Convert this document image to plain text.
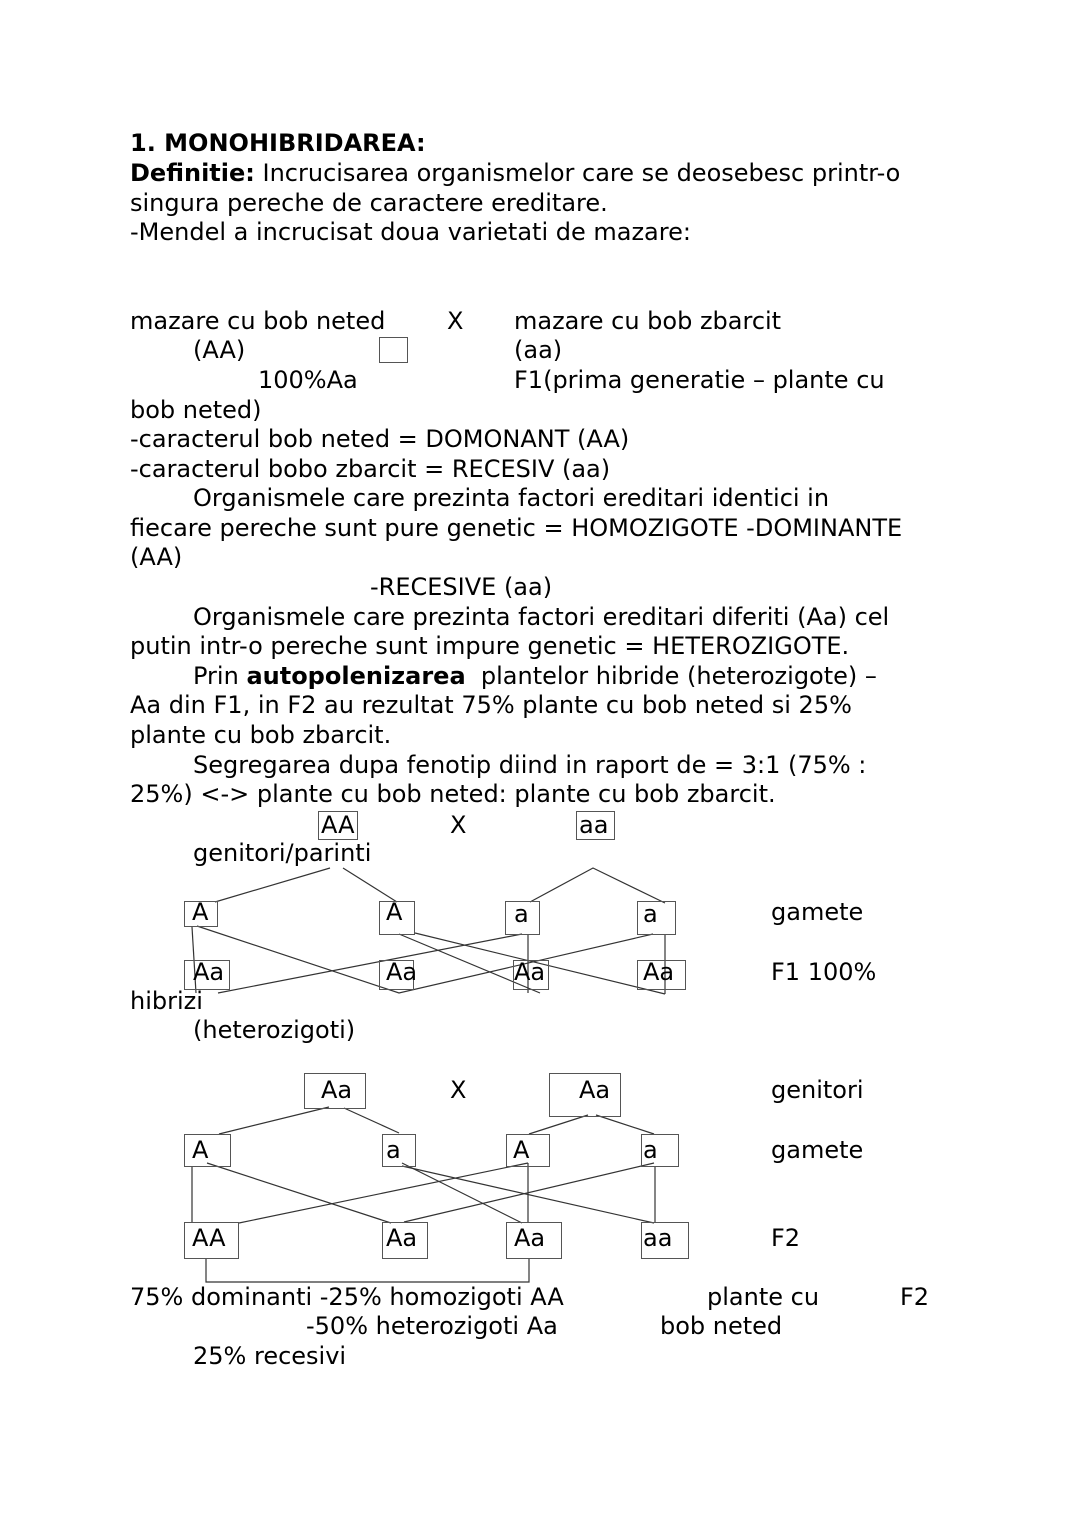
1. MONOHIBRIDAREA:
Definitie: Incrucisarea organismelor care se deosebesc printr-o
singura pereche de caractere ereditare.
-Mendel a incrucisat doua varietati de mazare:
mazare cu bob neted	X mazare cu bob zbarcit
(AA)	(aa)
100%Aa	F1(prima generatie – plante cu
bob neted)
-caracterul bob neted = DOMONANT (AA)
-caracterul bobo zbarcit = RECESIV (aa)
Organismele care prezinta factori ereditari identici in
fiecare pereche sunt pure genetic = HOMOZIGOTE -DOMINANTE
(AA)
-RECESIVE (aa)
Organismele care prezinta factori ereditari diferiti (Aa) cel
putin intr-o pereche sunt impure genetic = HETEROZIGOTE.
Prin autopolenizarea  plantelor hibride (heterozigote) –
Aa din F1, in F2 au rezultat 75% plante cu bob neted si 25%
plante cu bob zbarcit.
Segregarea dupa fenotip diind in raport de = 3:1 (75% :
25%) <-> plante cu bob neted: plante cu bob zbarcit.
AA	X	aa
genitori/parinti
A	A	a	a	gamete
Aa	Aa	Aa	Aa	F1 100%
hibrizi
(heterozigoti)
Aa	X	Aa	genitori
A	a	A	a	gamete
AA	Aa	Aa	aa	F2
75% dominanti -25% homozigoti AA	plante cu	F2
-50% heterozigoti Aa	bob neted
25% recesivi
